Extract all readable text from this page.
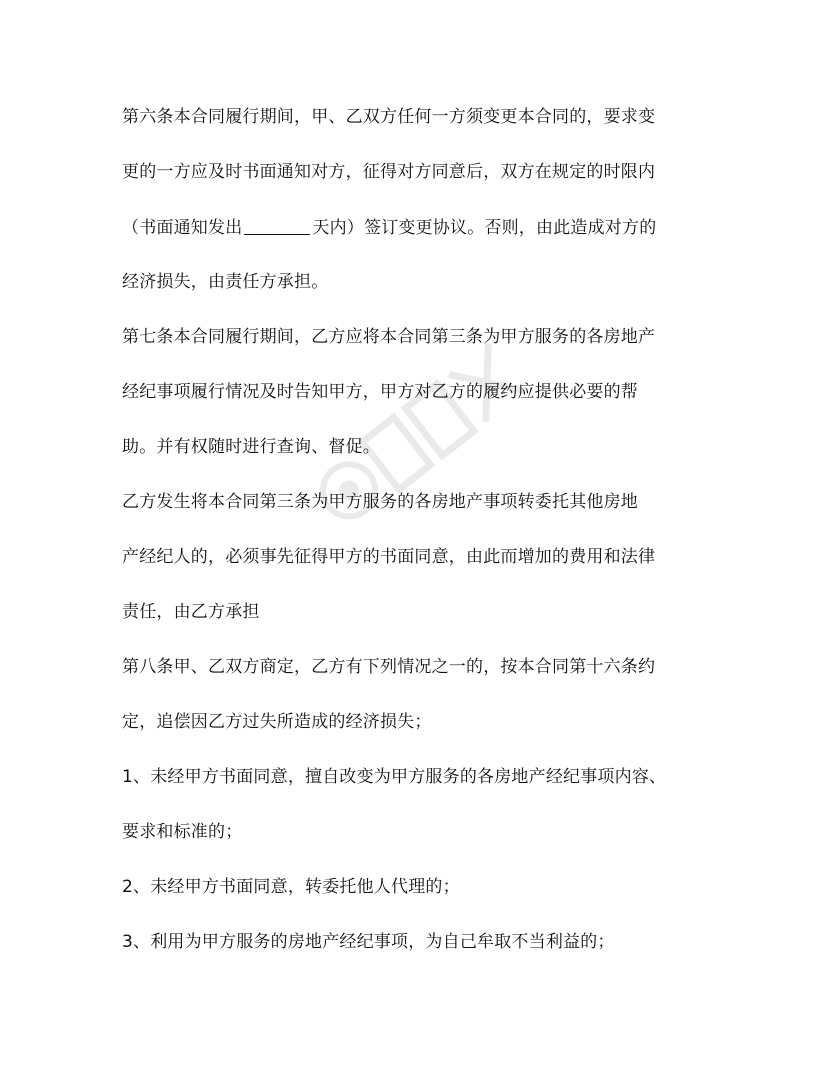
第六条本合同履行期间，甲、乙双方任何一方须变更本合同的，要求变
更的一方应及时书面通知对方，征得对方同意后，双方在规定的时限内
（书面通知发出	天内）签订变更协议。否则，由此造成对方的
经济损失，由责任方承担。
第七条本合同履行期间，乙方应将本合同第三条为甲方服务的各房地产
经纪事项履行情况及时告知甲方，甲方对乙方的履约应提供必要的帮
助。并有权随时进行查询、督促。
乙方发生将本合同第三条为甲方服务的各房地产事项转委托其他房地
产经纪人的，必须事先征得甲方的书面同意，由此而增加的费用和法律
责任，由乙方承担
第八条甲、乙双方商定，乙方有下列情况之一的，按本合同第十六条约
定，追偿因乙方过失所造成的经济损失；
1、未经甲方书面同意，擅自改变为甲方服务的各房地产经纪事项内容、
要求和标准的；
2、未经甲方书面同意，转委托他人代理的；
3、利用为甲方服务的房地产经纪事项，为自己牟取不当利益的；
